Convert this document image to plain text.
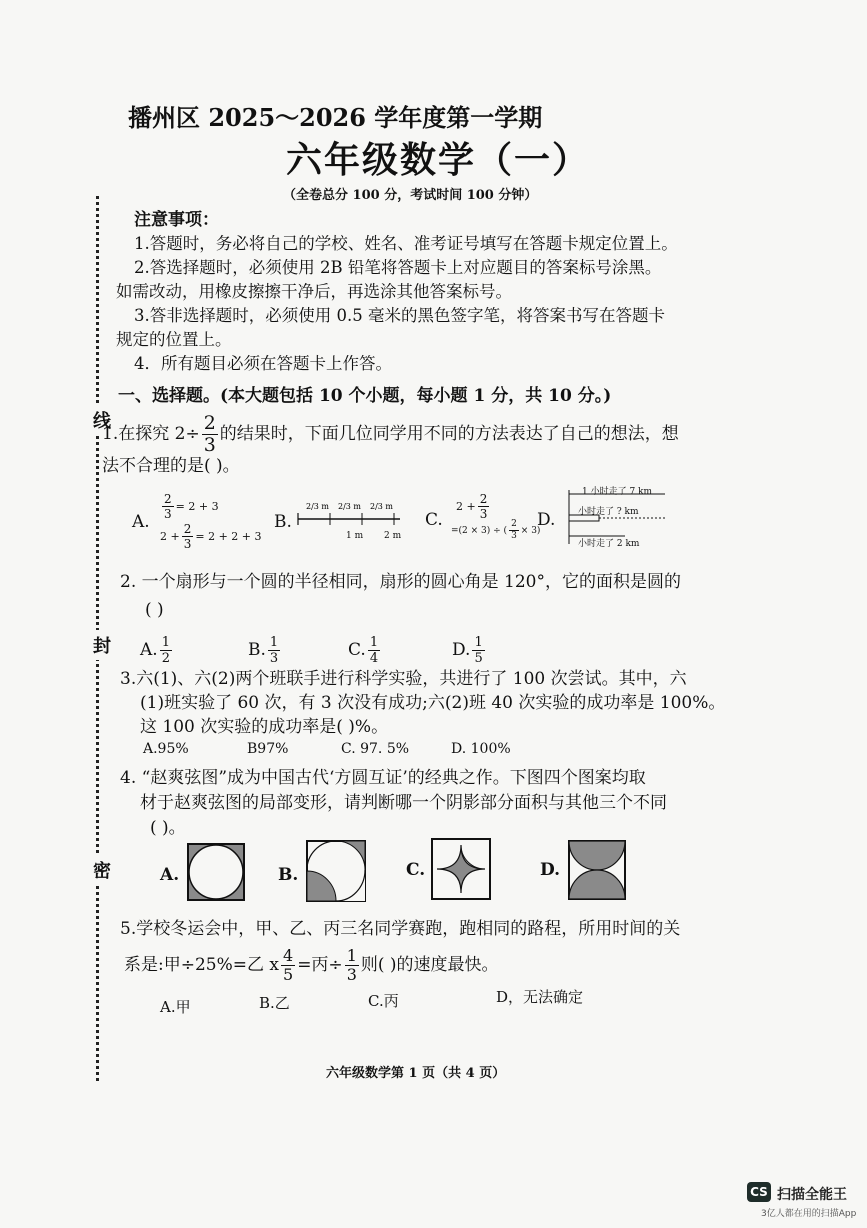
线
封
密
播州区 2025～2026 学年度第一学期
六年级数学（一）
（全卷总分 100 分，考试时间 100 分钟）
注意事项：
1.答题时，务必将自己的学校、姓名、准考证号填写在答题卡规定位置上。
2.答选择题时，必须使用 2B 铅笔将答题卡上对应题目的答案标号涂黑。
如需改动，用橡皮擦擦干净后，再选涂其他答案标号。
3.答非选择题时，必须使用 0.5 毫米的黑色签字笔，将答案书写在答题卡
规定的位置上。
4．所有题目必须在答题卡上作答。
一、选择题。(本大题包括 10 个小题，每小题 1 分，共 10 分。)
1.在探究 $2\div \frac{2}{3}$ 的结果时，下面几位同学用不同的方法表达了自己的想法，想
法不合理的是( )。
A.
$\frac{2}{3} = 2 + 3$
$2 + \frac{2}{3} = 2 + 2 + 3$
B.
2/3 m 2/3 m 2/3 m
1 m 2 m
C.
$2 + \frac{2}{3}$
=(2 × 3) ÷ ( $\frac{2}{3} \times 3$)
D.
1 小时走了 7 km
小时走了 ? km
小时走了 2 km
2. 一个扇形与一个圆的半径相同，扇形的圆心角是 120°，它的面积是圆的
( )
A. $\frac{1}{2}$	B. $\frac{1}{3}$	C. $\frac{1}{4}$	D. $\frac{1}{5}$
3.六(1)、六(2)两个班联手进行科学实验，共进行了 100 次尝试。其中，六
(1)班实验了 60 次，有 3 次没有成功;六(2)班 40 次实验的成功率是 100%。
这 100 次实验的成功率是( )%。
A.95%	B97%	C. 97. 5%	D. 100%
4. “赵爽弦图”成为中国古代‘方圆互证’的经典之作。下图四个图案均取
材于赵爽弦图的局部变形，请判断哪一个阴影部分面积与其他三个不同
( )。
A.	B.	C.	D.
5.学校冬运会中，甲、乙、丙三名同学赛跑，跑相同的路程，所用时间的关
系是:甲÷25%=乙 x $\frac{4}{5}$ =丙÷ $\frac{1}{3}$ 则( )的速度最快。
A.甲	B.乙	C.丙	D，无法确定
六年级数学第 1 页（共 4 页）
CS 扫描全能王
3亿人都在用的扫描App
